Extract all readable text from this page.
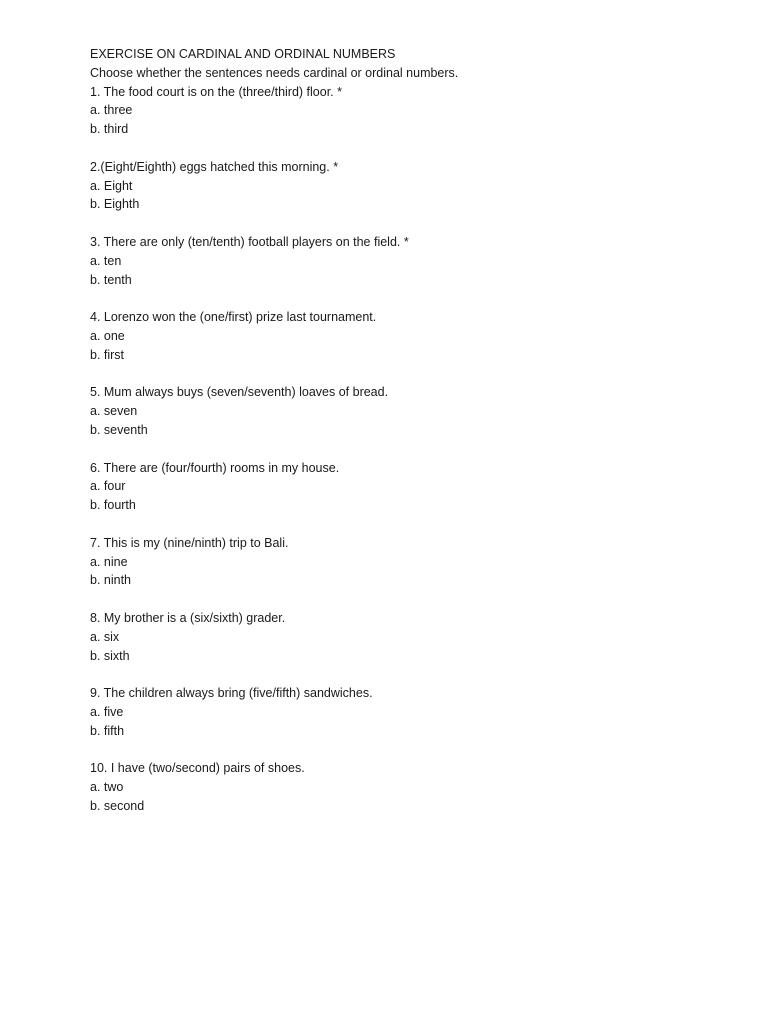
EXERCISE ON CARDINAL AND ORDINAL NUMBERS

Choose whether the sentences needs cardinal or ordinal numbers.

1. The food court is on the (three/third) floor. *

a. three

b. third

2.(Eight/Eighth) eggs hatched this morning. *

a. Eight

b. Eighth

3. There are only (ten/tenth) football players on the field. *

a. ten

b. tenth

4. Lorenzo won the (one/first) prize last tournament.

a. one

b. first

5. Mum always buys (seven/seventh) loaves of bread.

a. seven

b. seventh

6. There are (four/fourth) rooms in my house.

a. four

b. fourth

7. This is my (nine/ninth) trip to Bali.

a. nine

b. ninth

8. My brother is a (six/sixth) grader.

a. six

b. sixth

9. The children always bring (five/fifth) sandwiches.

a. five

b. fifth

10. I have (two/second) pairs of shoes.

a. two

b. second
